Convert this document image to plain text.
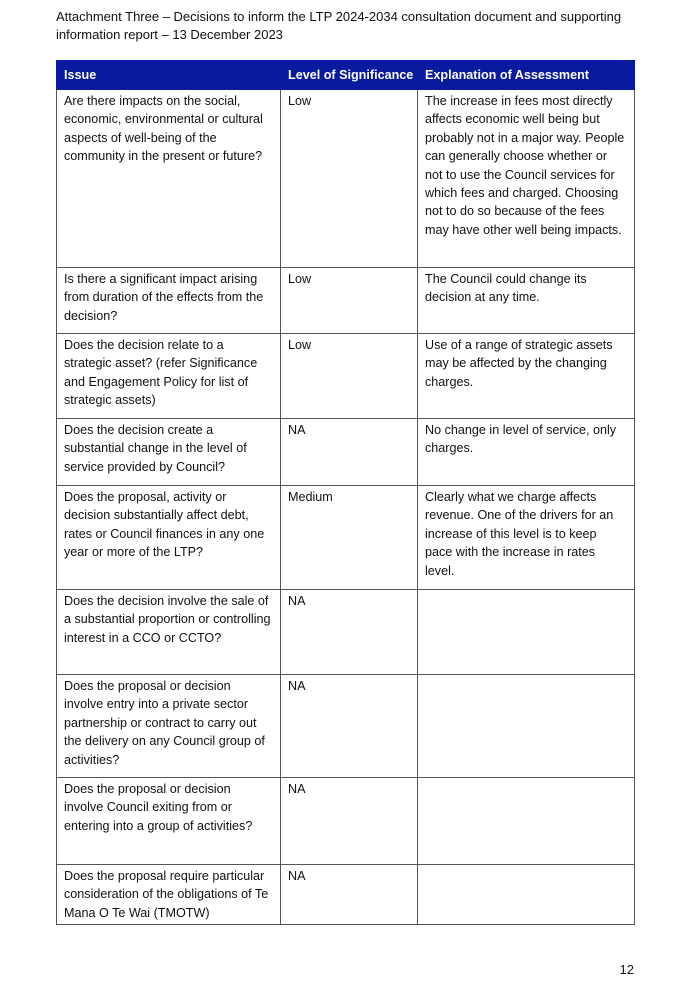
Attachment Three – Decisions to inform the LTP 2024-2034 consultation document and supporting
information report – 13 December 2023
Issue	Level of Significance	Explanation of Assessment
Are there impacts on the social, economic, environmental or cultural aspects of well-being of the community in the present or future?	Low	The increase in fees most directly affects economic well being but probably not in a major way. People can generally choose whether or not to use the Council services for which fees and charged. Choosing not to do so because of the fees may have other well being impacts.
Is there a significant impact arising from duration of the effects from the decision?	Low	The Council could change its decision at any time.
Does the decision relate to a strategic asset? (refer Significance and Engagement Policy for list of strategic assets)	Low	Use of a range of strategic assets may be affected by the changing charges.
Does the decision create a substantial change in the level of service provided by Council?	NA	No change in level of service, only charges.
Does the proposal, activity or decision substantially affect debt, rates or Council finances in any one year or more of the LTP?	Medium	Clearly what we charge affects revenue. One of the drivers for an increase of this level is to keep pace with the increase in rates level.
Does the decision involve the sale of a substantial proportion or controlling interest in a CCO or CCTO?	NA	
Does the proposal or decision involve entry into a private sector partnership or contract to carry out the delivery on any Council group of activities?	NA	
Does the proposal or decision involve Council exiting from or entering into a group of activities?	NA	
Does the proposal require particular consideration of the obligations of Te Mana O Te Wai (TMOTW)	NA	
12
